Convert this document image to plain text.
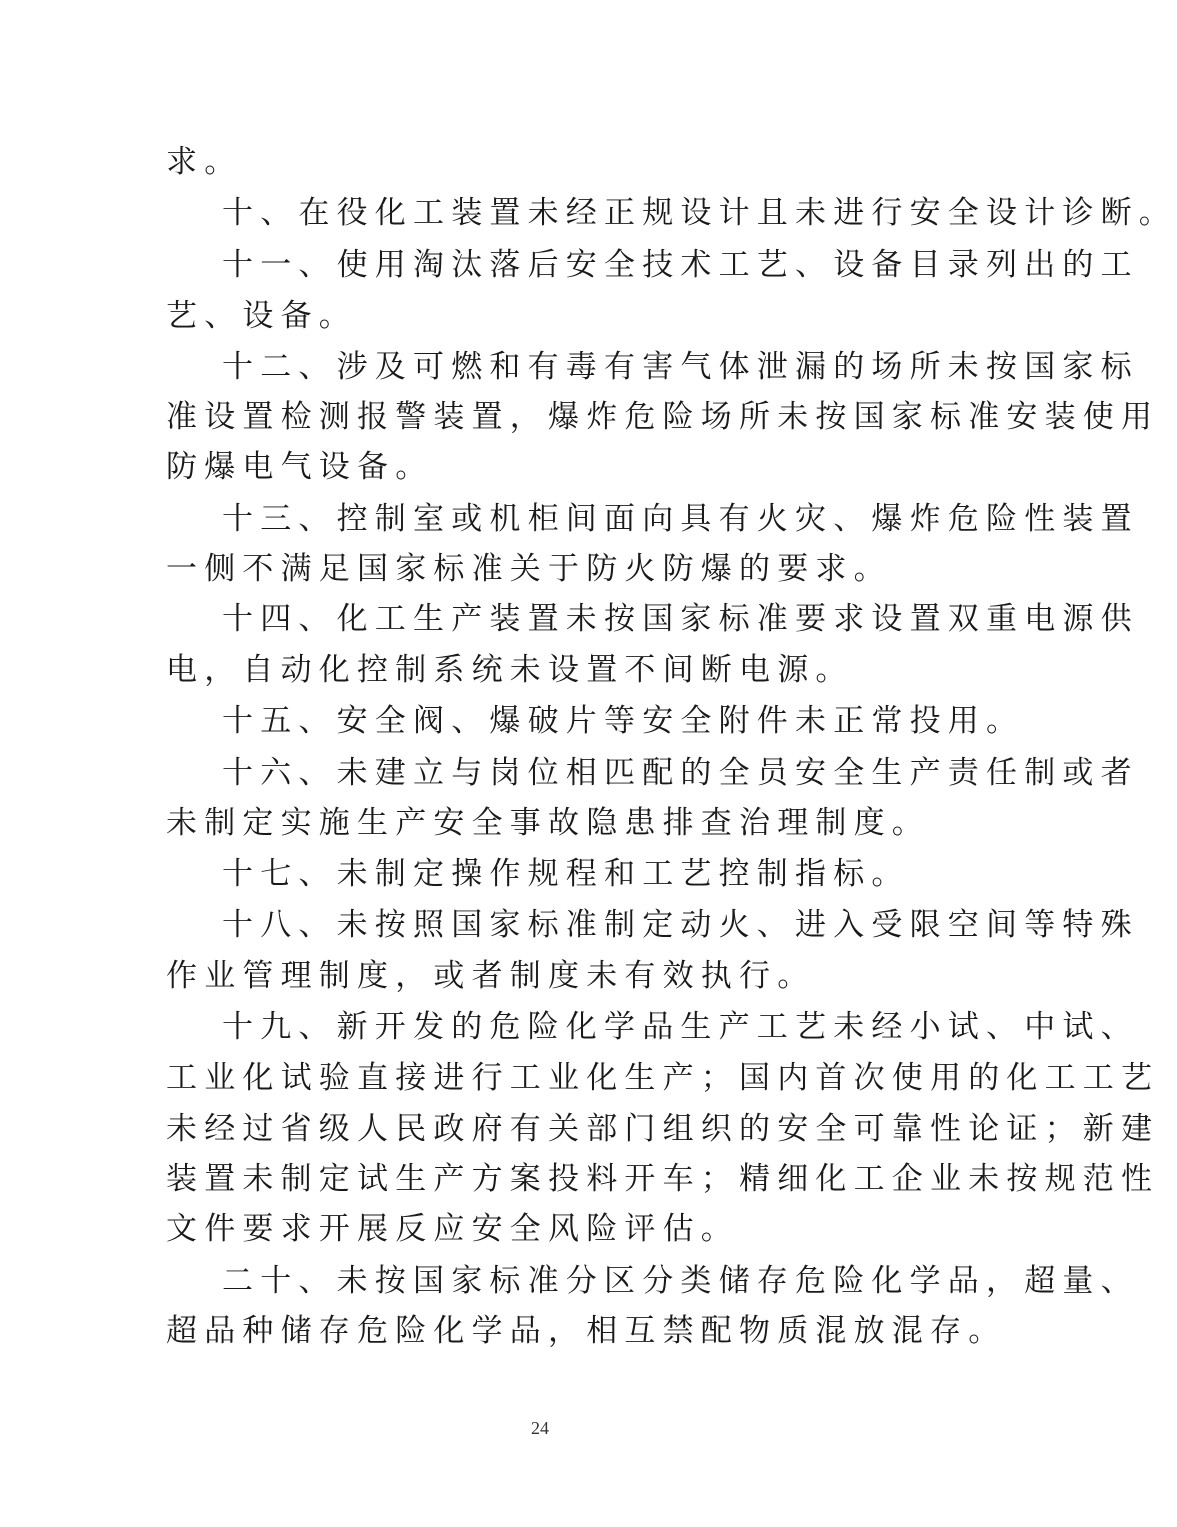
求。
十、在役化工装置未经正规设计且未进行安全设计诊断。
十一、使用淘汰落后安全技术工艺、设备目录列出的工
艺、设备。
十二、涉及可燃和有毒有害气体泄漏的场所未按国家标
准设置检测报警装置，爆炸危险场所未按国家标准安装使用
防爆电气设备。
十三、控制室或机柜间面向具有火灾、爆炸危险性装置
一侧不满足国家标准关于防火防爆的要求。
十四、化工生产装置未按国家标准要求设置双重电源供
电，自动化控制系统未设置不间断电源。
十五、安全阀、爆破片等安全附件未正常投用。
十六、未建立与岗位相匹配的全员安全生产责任制或者
未制定实施生产安全事故隐患排查治理制度。
十七、未制定操作规程和工艺控制指标。
十八、未按照国家标准制定动火、进入受限空间等特殊
作业管理制度，或者制度未有效执行。
十九、新开发的危险化学品生产工艺未经小试、中试、
工业化试验直接进行工业化生产；国内首次使用的化工工艺
未经过省级人民政府有关部门组织的安全可靠性论证；新建
装置未制定试生产方案投料开车；精细化工企业未按规范性
文件要求开展反应安全风险评估。
二十、未按国家标准分区分类储存危险化学品，超量、
超品种储存危险化学品，相互禁配物质混放混存。
24
